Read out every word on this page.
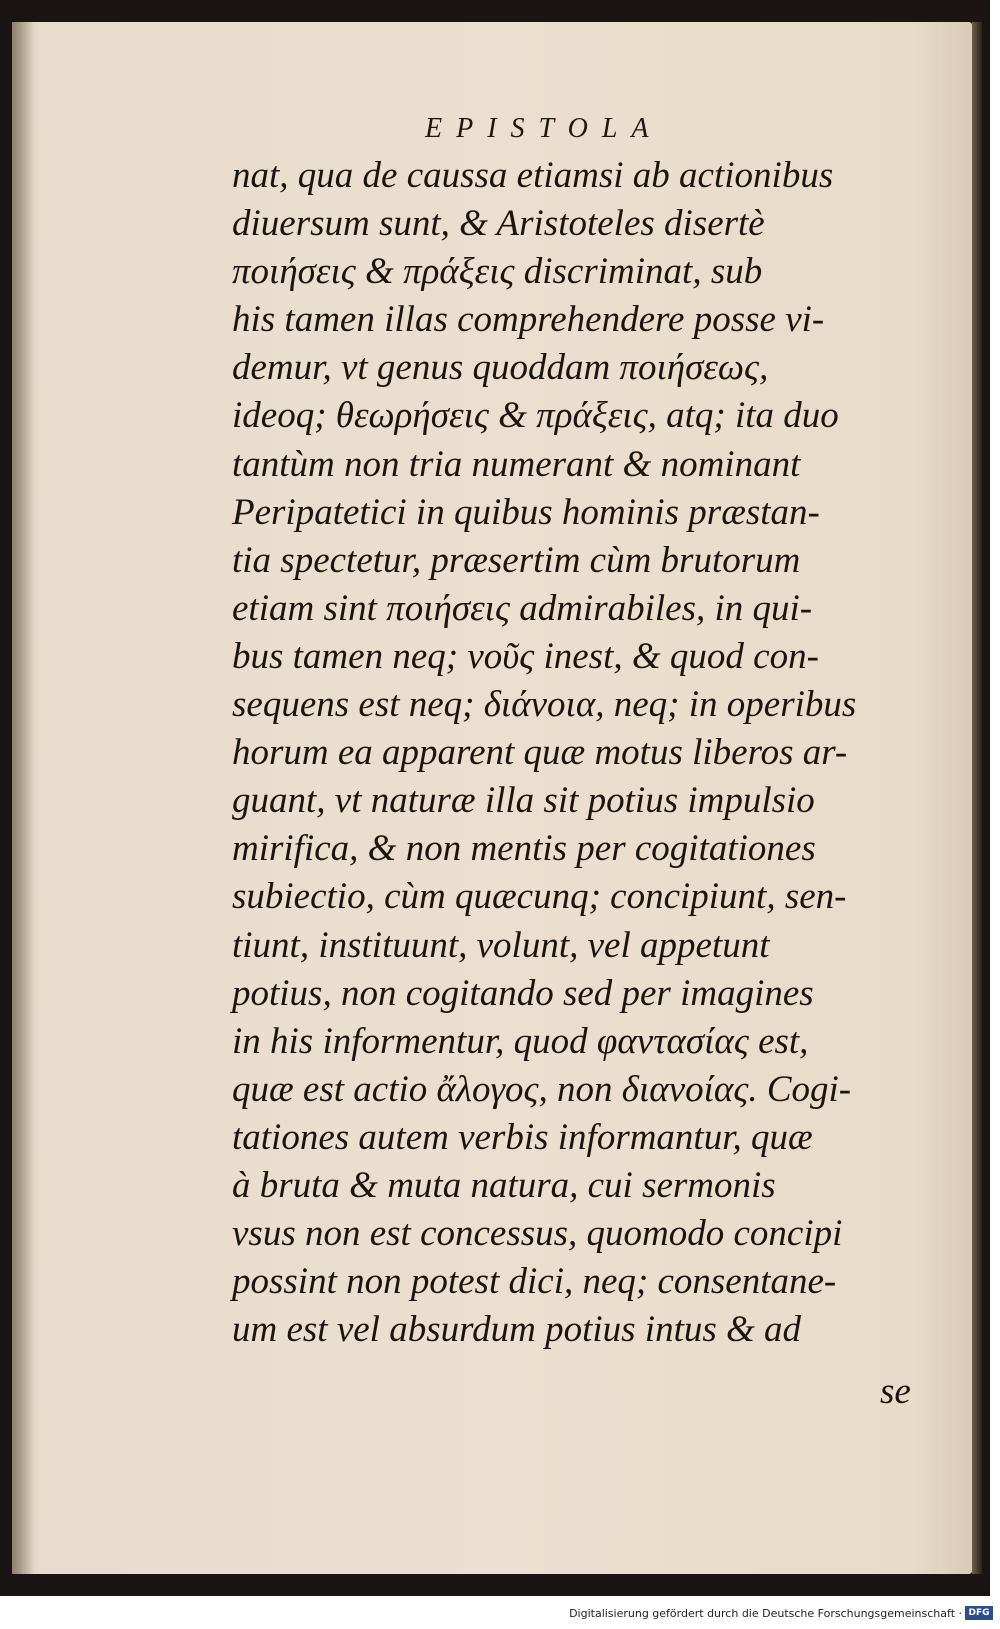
EPISTOLA
nat, qua de caussa etiamsi ab actionibus
diuersum sunt, & Aristoteles disertè
ποιήσεις & πράξεις discriminat, sub
his tamen illas comprehendere posse vi-
demur, vt genus quoddam ποιήσεως,
ideoq; θεωρήσεις & πράξεις, atq; ita duo
tantùm non tria numerant & nominant
Peripatetici in quibus hominis præstan-
tia spectetur, præsertim cùm brutorum
etiam sint ποιήσεις admirabiles, in qui-
bus tamen neq; νοῦς inest, & quod con-
sequens est neq; διάνοια, neq; in operibus
horum ea apparent quæ motus liberos ar-
guant, vt naturæ illa sit potius impulsio
mirifica, & non mentis per cogitationes
subiectio, cùm quæcunq; concipiunt, sen-
tiunt, instituunt, volunt, vel appetunt
potius, non cogitando sed per imagines
in his informentur, quod φαντασίας est,
quæ est actio ἄλογος, non διανοίας. Cogi-
tationes autem verbis informantur, quæ
à bruta & muta natura, cui sermonis
vsus non est concessus, quomodo concipi
possint non potest dici, neq; consentane-
um est vel absurdum potius intus & ad
se
Digitalisierung gefördert durch die Deutsche Forschungsgemeinschaft · DFG
